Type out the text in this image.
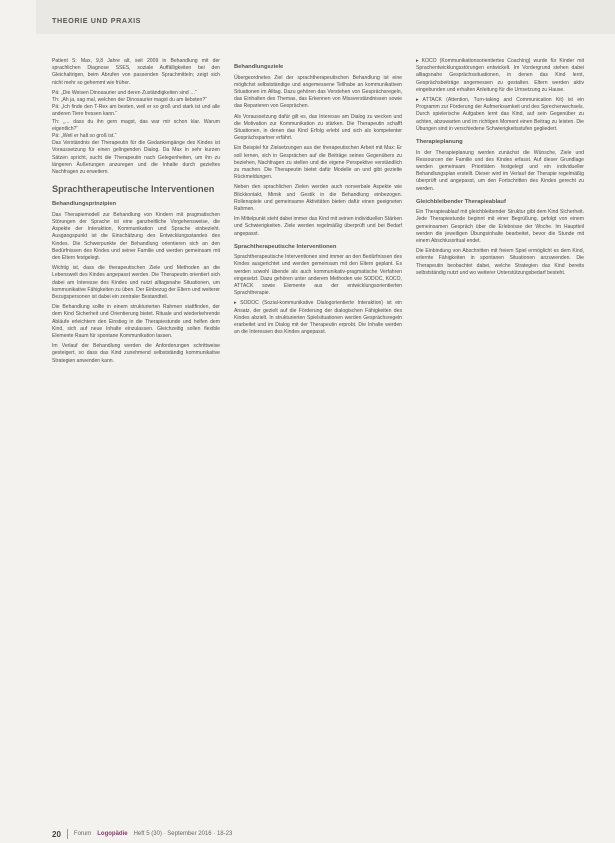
THEORIE UND PRAXIS

Patient S: Max, 9,8 Jahre alt, seit 2009 in Behandlung mit der sprachlichen Diagnose SSES, soziale Auffälligkeiten bei den Gleichaltrigen, beim Abrufen von passenden Sprachmitteln; zeigt sich nicht mehr so gehemmt wie früher.

Pä: „Die Weisen Dinosaurier und deren Zuständigkeiten sind …“

Th: „Ah ja, sag mal, welchen der Dinosaurier magst du am liebsten?“

Pä: „Ich finde den T-Rex am besten, weil er so groß und stark ist und alle anderen Tiere fressen kann.“

Th: „… dass du ihn gern magst, das war mir schon klar. Warum eigentlich?“

Pä: „Weil er halt so groß ist.“

Das Verständnis der Therapeutin für die Gedankengänge des Kindes ist Voraussetzung für einen gelingenden Dialog. Da Max in sehr kurzen Sätzen spricht, sucht die Therapeutin nach Gelegenheiten, um ihn zu längeren Äußerungen anzuregen und die Inhalte durch gezieltes Nachfragen zu erweitern.

Sprachtherapeutische Interventionen
Behandlungsprinzipien

Das Therapiemodell zur Behandlung von Kindern mit pragmatischen Störungen der Sprache ist eine ganzheitliche Vorgehensweise, die Aspekte der Interaktion, Kommunikation und Sprache einbezieht. Ausgangspunkt ist die Einschätzung des Entwicklungsstandes des Kindes. Die Schwerpunkte der Behandlung orientieren sich an den Bedürfnissen des Kindes und seiner Familie und werden gemeinsam mit den Eltern festgelegt.

Wichtig ist, dass die therapeutischen Ziele und Methoden an die Lebenswelt des Kindes angepasst werden. Die Therapeutin orientiert sich dabei am Interesse des Kindes und nutzt alltagsnahe Situationen, um kommunikative Fähigkeiten zu üben. Der Einbezug der Eltern und weiterer Bezugspersonen ist dabei ein zentraler Bestandteil.

Die Behandlung sollte in einem strukturierten Rahmen stattfinden, der dem Kind Sicherheit und Orientierung bietet. Rituale und wiederkehrende Abläufe erleichtern den Einstieg in die Therapiestunde und helfen dem Kind, sich auf neue Inhalte einzulassen. Gleichzeitig sollen flexible Elemente Raum für spontane Kommunikation lassen.

Im Verlauf der Behandlung werden die Anforderungen schrittweise gesteigert, so dass das Kind zunehmend selbstständig kommunikative Strategien anwenden kann.

Behandlungsziele

Übergeordnetes Ziel der sprachtherapeutischen Behandlung ist eine möglichst selbstständige und angemessene Teilhabe an kommunikativen Situationen im Alltag. Dazu gehören das Verstehen von Gesprächsregeln, das Einhalten des Themas, das Erkennen von Missverständnissen sowie das Reparieren von Gesprächen.

Als Voraussetzung dafür gilt es, das Interesse am Dialog zu wecken und die Motivation zur Kommunikation zu stärken. Die Therapeutin schafft Situationen, in denen das Kind Erfolg erlebt und sich als kompetenter Gesprächspartner erfährt.

Ein Beispiel für Zielsetzungen aus der therapeutischen Arbeit mit Max: Er soll lernen, sich in Gesprächen auf die Beiträge seines Gegenübers zu beziehen, Nachfragen zu stellen und die eigene Perspektive verständlich zu machen. Die Therapeutin bietet dafür Modelle an und gibt gezielte Rückmeldungen.

Neben den sprachlichen Zielen werden auch nonverbale Aspekte wie Blickkontakt, Mimik und Gestik in die Behandlung einbezogen. Rollenspiele und gemeinsame Aktivitäten bieten dafür einen geeigneten Rahmen.

Im Mittelpunkt steht dabei immer das Kind mit seinen individuellen Stärken und Schwierigkeiten. Ziele werden regelmäßig überprüft und bei Bedarf angepasst.

Sprachtherapeutische Interventionen

Sprachtherapeutische Interventionen sind immer an den Bedürfnissen des Kindes ausgerichtet und werden gemeinsam mit den Eltern geplant. Es werden sowohl übende als auch kommunikativ-pragmatische Verfahren eingesetzt. Dazu gehören unter anderem Methoden wie SODOC, KOCO, ATTACK sowie Elemente aus der entwicklungsorientierten Sprachtherapie.

▸ SODOC (Sozial-kommunikative Dialogorientierte Interaktion) ist ein Ansatz, der gezielt auf die Förderung der dialogischen Fähigkeiten des Kindes abzielt. In strukturierten Spielsituationen werden Gesprächsregeln erarbeitet und im Dialog mit der Therapeutin erprobt. Die Inhalte werden an die Interessen des Kindes angepasst.

▸ KOCO (Kommunikationsorientiertes Coaching) wurde für Kinder mit Sprachentwicklungsstörungen entwickelt. Im Vordergrund stehen dabei alltagsnahe Gesprächssituationen, in denen das Kind lernt, Gesprächsbeiträge angemessen zu gestalten. Eltern werden aktiv eingebunden und erhalten Anleitung für die Umsetzung zu Hause.

▸ ATTACK (Attention, Turn-taking and Communication Kit) ist ein Programm zur Förderung der Aufmerksamkeit und des Sprecherwechsels. Durch spielerische Aufgaben lernt das Kind, auf sein Gegenüber zu achten, abzuwarten und im richtigen Moment einen Beitrag zu leisten. Die Übungen sind in verschiedene Schwierigkeitsstufen gegliedert.

Therapieplanung

In der Therapieplanung werden zunächst die Wünsche, Ziele und Ressourcen der Familie und des Kindes erfasst. Auf dieser Grundlage werden gemeinsam Prioritäten festgelegt und ein individueller Behandlungsplan erstellt. Dieser wird im Verlauf der Therapie regelmäßig überprüft und angepasst, um den Fortschritten des Kindes gerecht zu werden.

Gleichbleibender Therapieablauf

Ein Therapieablauf mit gleichbleibender Struktur gibt dem Kind Sicherheit. Jede Therapiestunde beginnt mit einer Begrüßung, gefolgt von einem gemeinsamen Gespräch über die Erlebnisse der Woche. Im Hauptteil werden die jeweiligen Übungsinhalte bearbeitet, bevor die Stunde mit einem Abschlussritual endet.

Die Einbindung von Abschnitten mit freiem Spiel ermöglicht es dem Kind, erlernte Fähigkeiten in spontanen Situationen anzuwenden. Die Therapeutin beobachtet dabei, welche Strategien das Kind bereits selbstständig nutzt und wo weiterer Unterstützungsbedarf besteht.

20 Forum Logopädie Heft 5 (30) · September 2016 · 18-23
